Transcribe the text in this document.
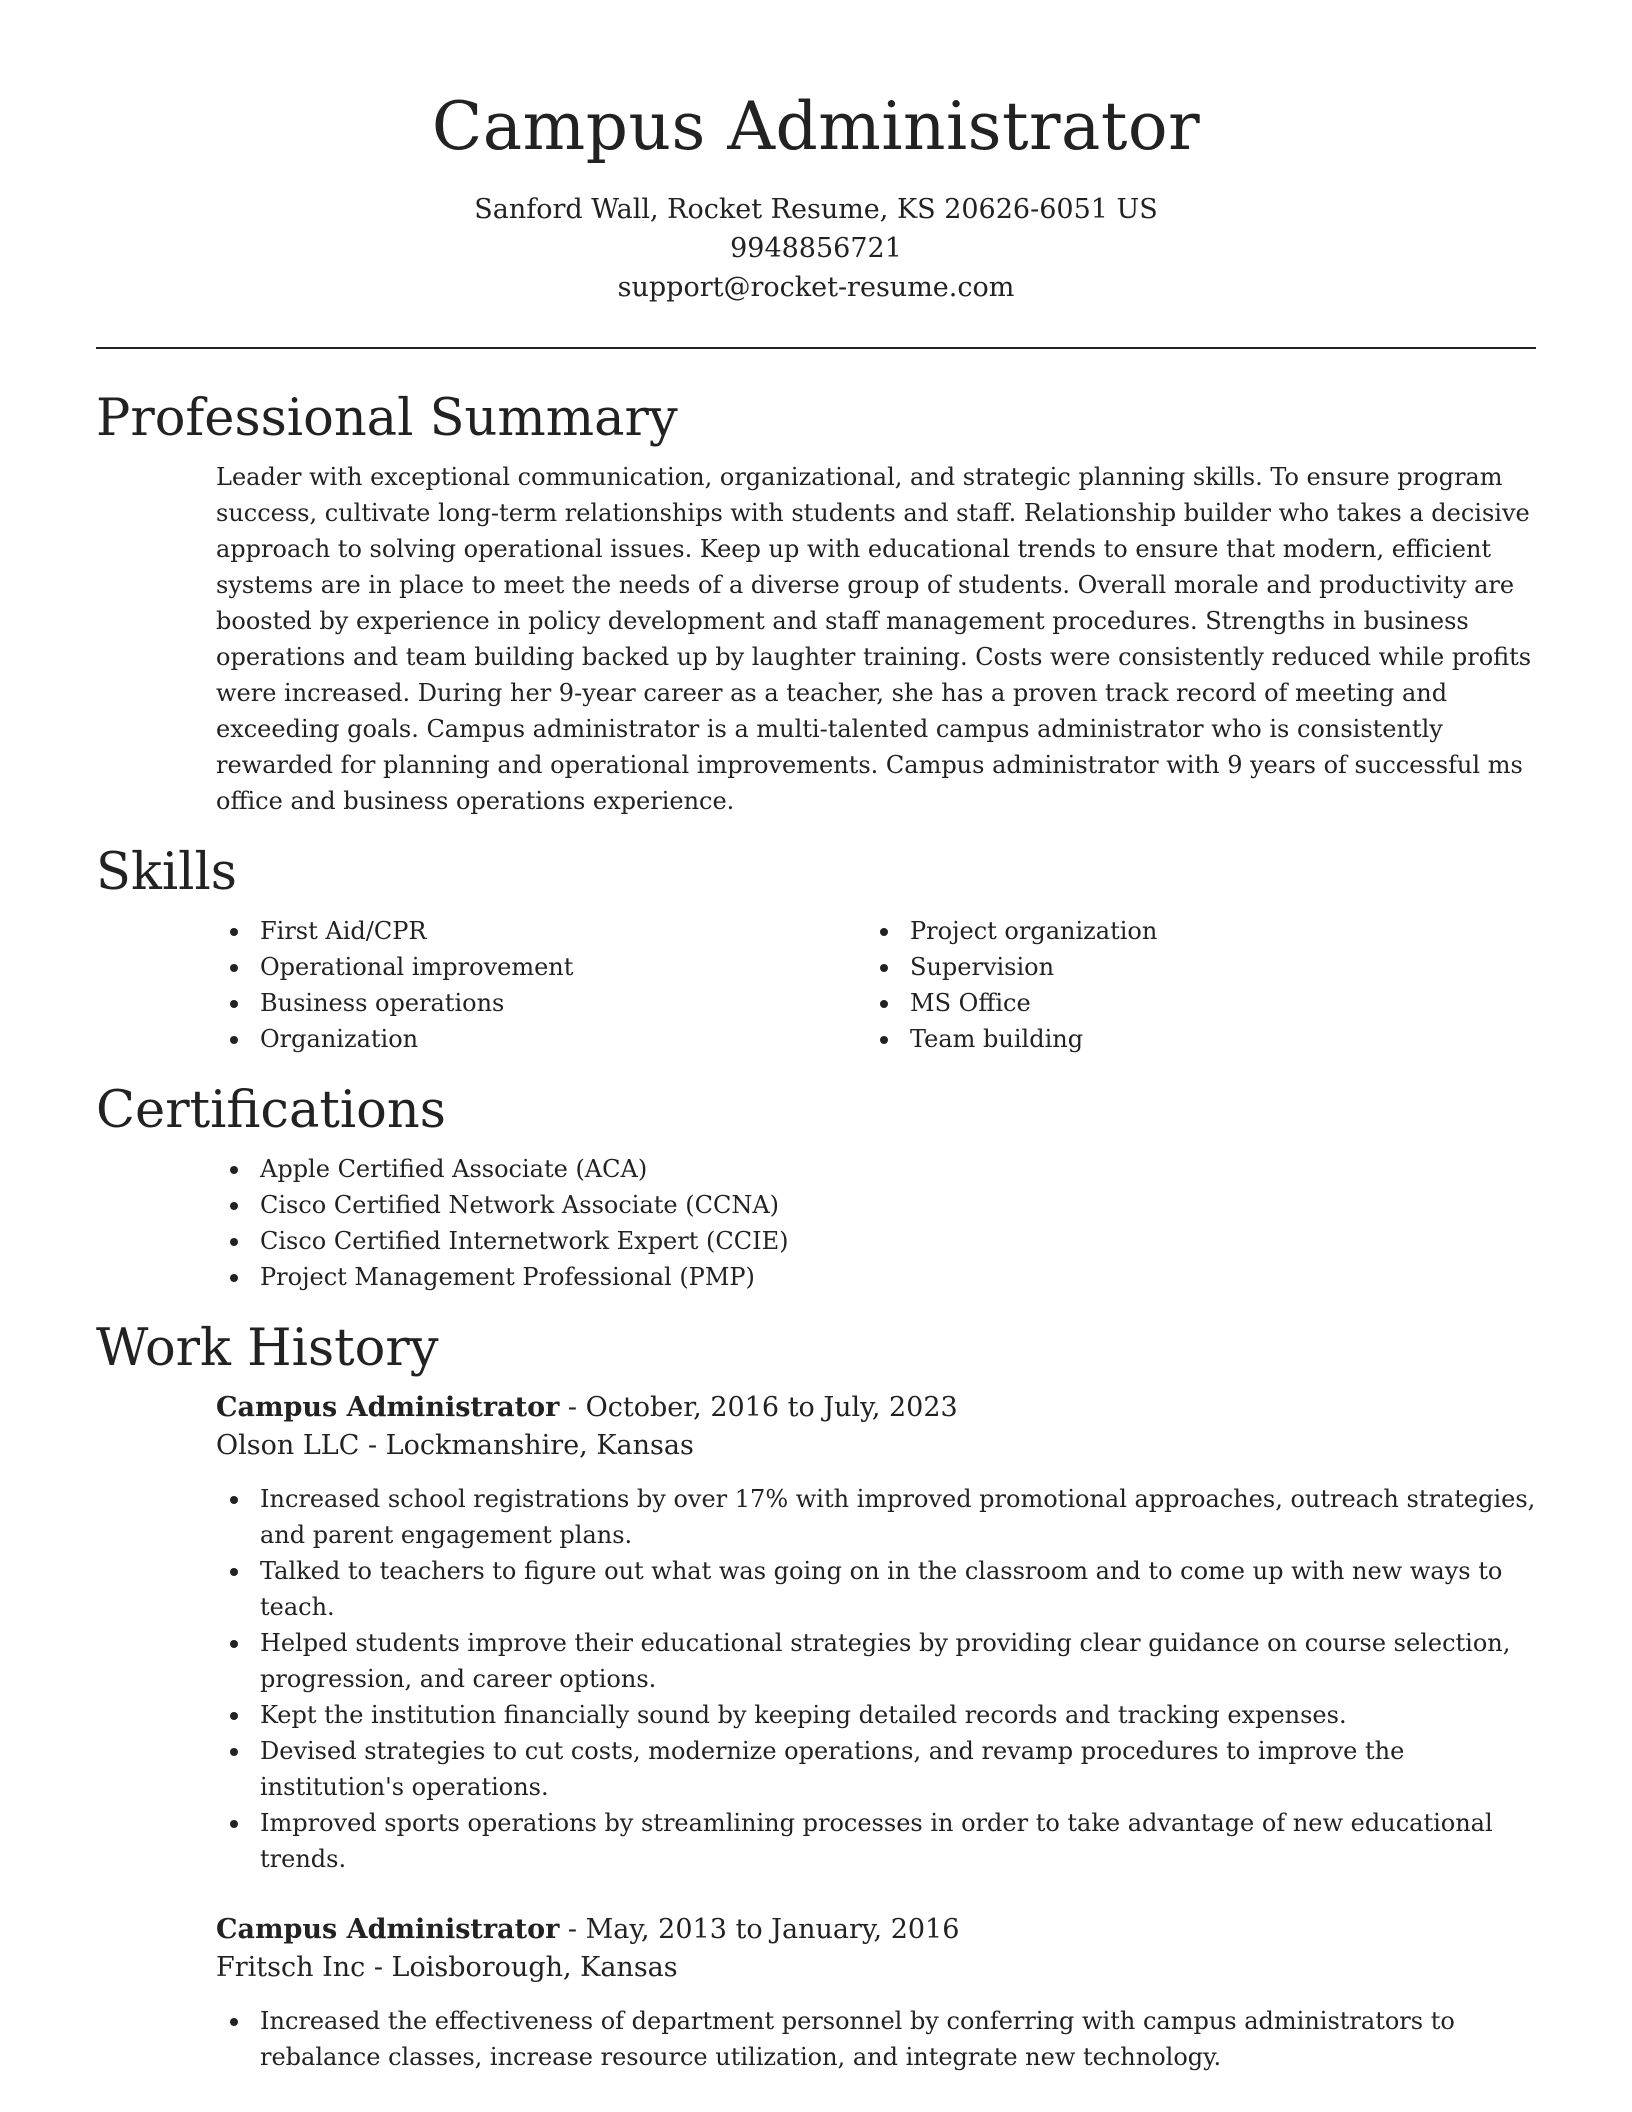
Campus Administrator
Sanford Wall, Rocket Resume, KS 20626-6051 US
9948856721
support@rocket-resume.com
Professional Summary

Leader with exceptional communication, organizational, and strategic planning skills. To ensure program success, cultivate long-term relationships with students and staff. Relationship builder who takes a decisive approach to solving operational issues. Keep up with educational trends to ensure that modern, efficient systems are in place to meet the needs of a diverse group of students. Overall morale and productivity are boosted by experience in policy development and staff management procedures. Strengths in business operations and team building backed up by laughter training. Costs were consistently reduced while profits were increased. During her 9-year career as a teacher, she has a proven track record of meeting and exceeding goals. Campus administrator is a multi-talented campus administrator who is consistently rewarded for planning and operational improvements. Campus administrator with 9 years of successful ms office and business operations experience.

Skills
First Aid/CPR
Operational improvement
Business operations
Organization
Project organization
Supervision
MS Office
Team building
Certifications
Apple Certified Associate (ACA)
Cisco Certified Network Associate (CCNA)
Cisco Certified Internetwork Expert (CCIE)
Project Management Professional (PMP)
Work History
Campus Administrator - October, 2016 to July, 2023
Olson LLC - Lockmanshire, Kansas
Increased school registrations by over 17% with improved promotional approaches, outreach strategies, and parent engagement plans.
Talked to teachers to figure out what was going on in the classroom and to come up with new ways to teach.
Helped students improve their educational strategies by providing clear guidance on course selection, progression, and career options.
Kept the institution financially sound by keeping detailed records and tracking expenses.
Devised strategies to cut costs, modernize operations, and revamp procedures to improve the institution's operations.
Improved sports operations by streamlining processes in order to take advantage of new educational trends.
Campus Administrator - May, 2013 to January, 2016
Fritsch Inc - Loisborough, Kansas
Increased the effectiveness of department personnel by conferring with campus administrators to rebalance classes, increase resource utilization, and integrate new technology.
